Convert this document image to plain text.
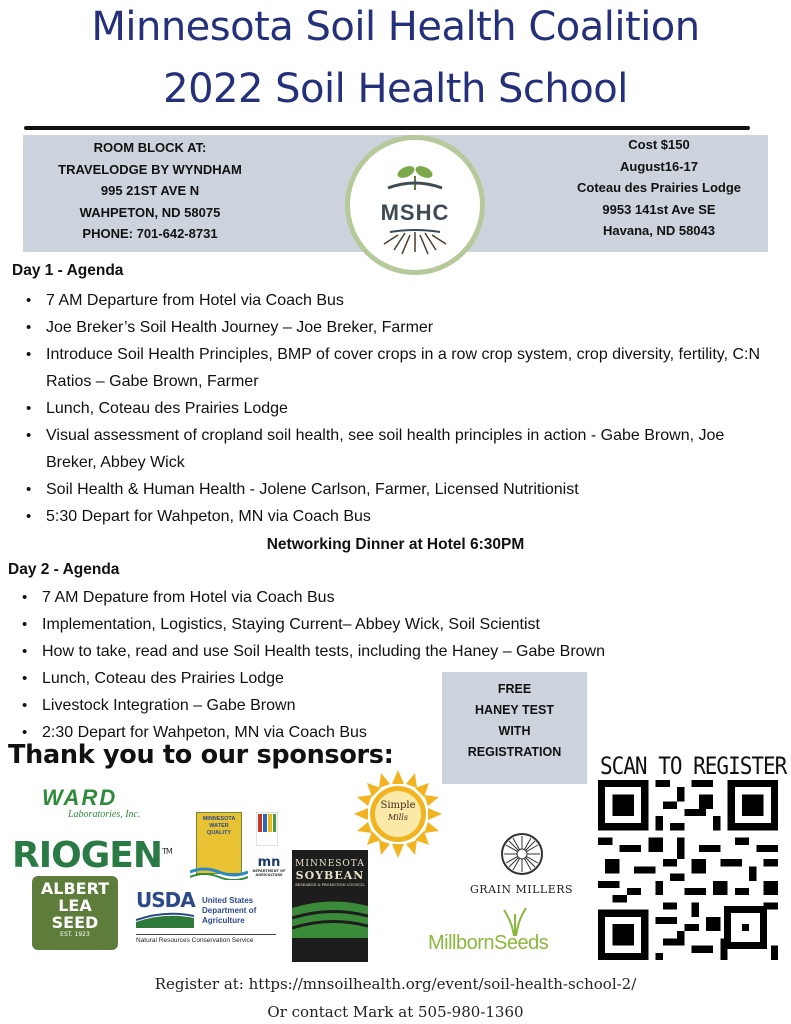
Minnesota Soil Health Coalition
2022 Soil Health School
ROOM BLOCK AT:
TRAVELODGE BY WYNDHAM
995 21ST AVE N
WAHPETON, ND 58075
PHONE: 701-642-8731
Cost $150
August16-17
Coteau des Prairies Lodge
9953 141st Ave SE
Havana, ND 58043
MSHC
Day 1 - Agenda
• 7 AM Departure from Hotel via Coach Bus
• Joe Breker’s Soil Health Journey – Joe Breker, Farmer
• Introduce Soil Health Principles, BMP of cover crops in a row crop system, crop diversity, fertility, C:N Ratios – Gabe Brown, Farmer
• Lunch, Coteau des Prairies Lodge
• Visual assessment of cropland soil health, see soil health principles in action - Gabe Brown, Joe Breker, Abbey Wick
• Soil Health & Human Health - Jolene Carlson, Farmer, Licensed Nutritionist
• 5:30 Depart for Wahpeton, MN via Coach Bus
Networking Dinner at Hotel 6:30PM
Day 2 - Agenda
• 7 AM Depature from Hotel via Coach Bus
• Implementation, Logistics, Staying Current– Abbey Wick, Soil Scientist
• How to take, read and use Soil Health tests, including the Haney – Gabe Brown
• Lunch, Coteau des Prairies Lodge
• Livestock Integration – Gabe Brown
• 2:30 Depart for Wahpeton, MN via Coach Bus
FREE
HANEY TEST
WITH
REGISTRATION
Thank you to our sponsors:	SCAN TO REGISTER
WARD
Laboratories, Inc.
RIOGEN™
ALBERT
LEA
SEED
EST. 1923
USDA United States
Department of
Agriculture
Natural Resources Conservation Service
MINNESOTA
WATER
QUALITY
mn
DEPARTMENT OF
AGRICULTURE
MINNESOTA
SOYBEAN
RESEARCH & PROMOTION COUNCIL
Simple
Mills
GRAIN MILLERS
MillbornSeeds
Register at: https://mnsoilhealth.org/event/soil-health-school-2/
Or contact Mark at 505-980-1360
